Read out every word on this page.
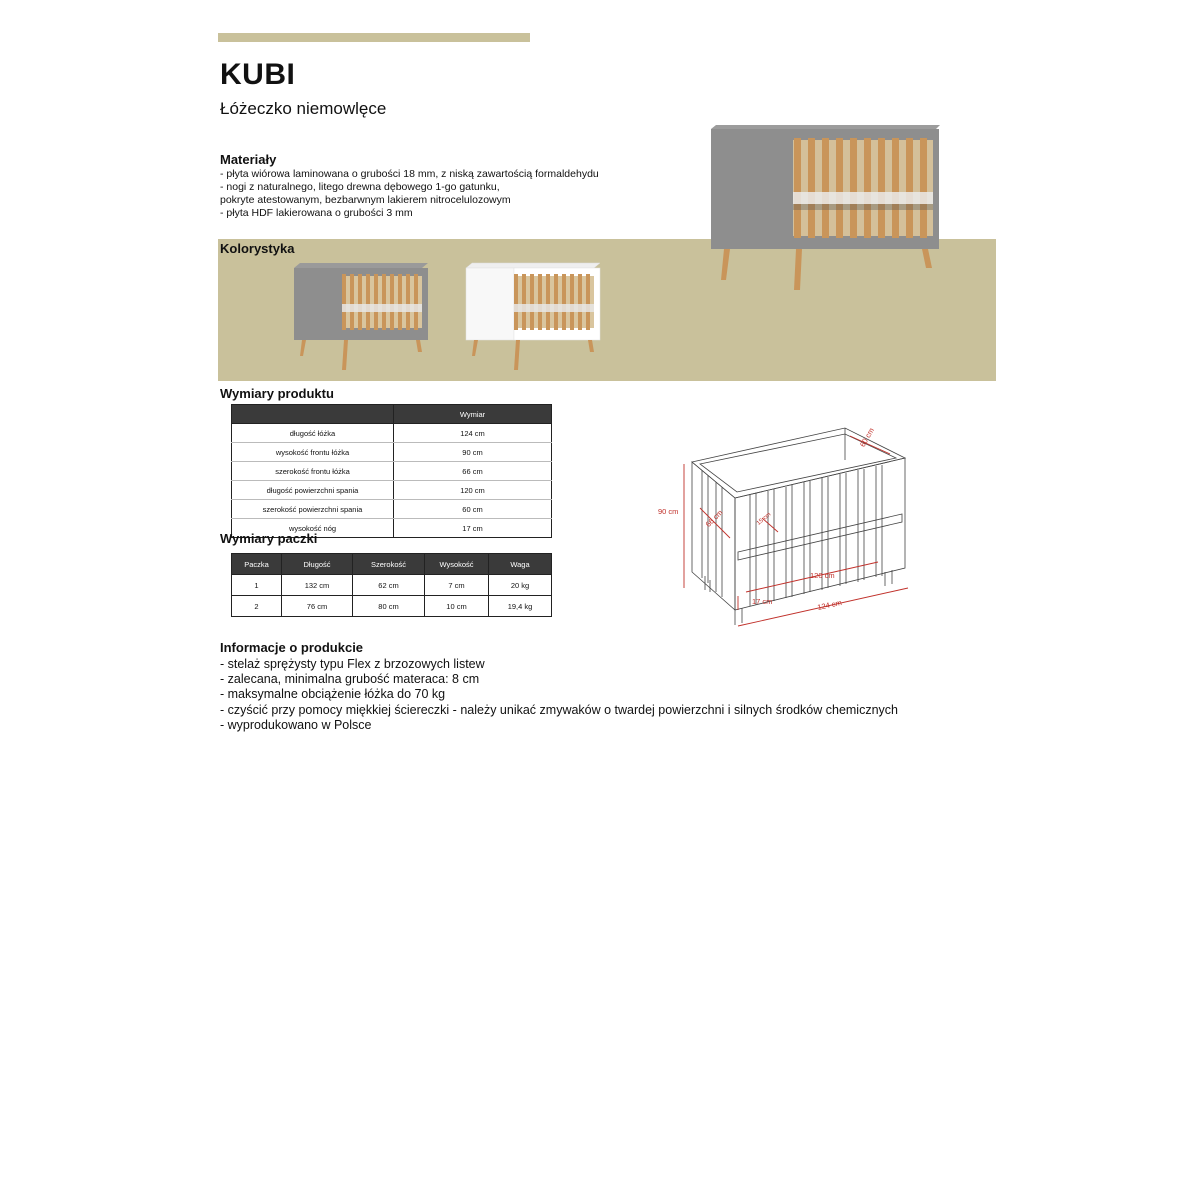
KUBI

Łóżeczko niemowlęce

Materiały
- płyta wiórowa laminowana o grubości 18 mm, z niską zawartością formaldehydu
- nogi z naturalnego, litego drewna dębowego 1-go gatunku,
pokryte atestowanym, bezbarwnym lakierem nitrocelulozowym
- płyta HDF lakierowana o grubości 3 mm
Kolorystyka
Wymiary produktu
	Wymiar
długość łóżka	124 cm
wysokość frontu łóżka	90 cm
szerokość frontu łóżka	66 cm
długość powierzchni spania	120 cm
szerokość powierzchni spania	60 cm
wysokość nóg	17 cm
Wymiary paczki
Paczka	Długość	Szerokość	Wysokość	Waga
1	132 cm	62 cm	7 cm	20 kg
2	76 cm	80 cm	10 cm	19,4 kg
90 cm	66 cm
60 cm
120 cm
124 cm
17 cm
15 cm
Informacje o produkcie
- stelaż sprężysty typu Flex z brzozowych listew
- zalecana, minimalna grubość materaca: 8 cm
- maksymalne obciążenie łóżka do 70 kg
- czyścić przy pomocy miękkiej ściereczki - należy unikać zmywaków o twardej powierzchni i silnych środków chemicznych
- wyprodukowano w Polsce
